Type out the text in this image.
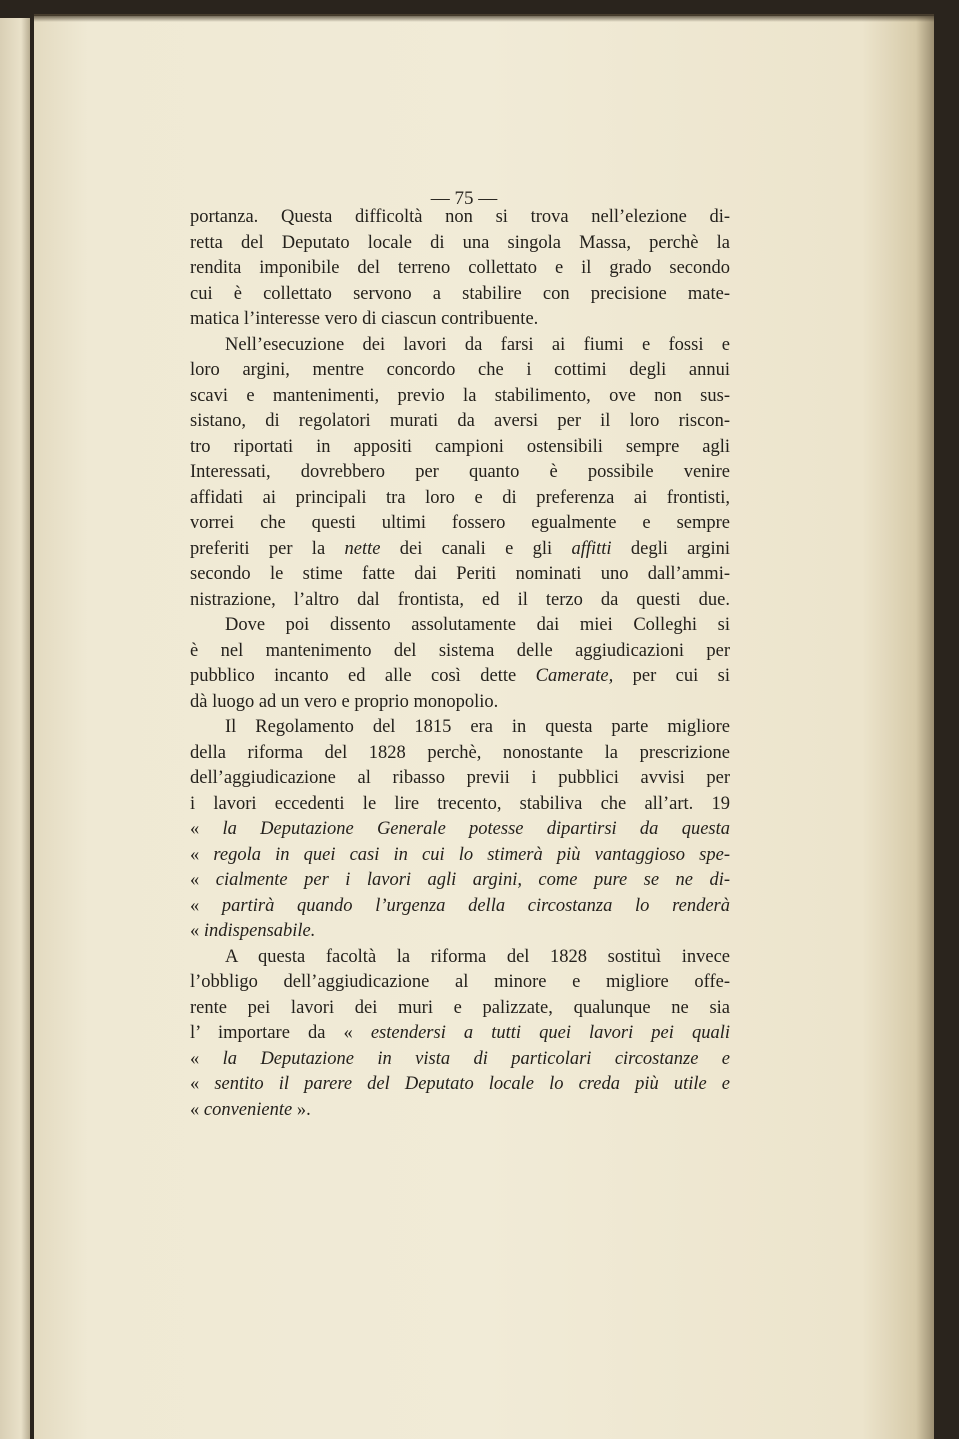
— 75 —
portanza. Questa difficoltà non si trova nell’elezione di-
retta del Deputato locale di una singola Massa, perchè la
rendita imponibile del terreno collettato e il grado secondo
cui è collettato servono a stabilire con precisione mate-
matica l’interesse vero di ciascun contribuente.
Nell’esecuzione dei lavori da farsi ai fiumi e fossi e
loro argini, mentre concordo che i cottimi degli annui
scavi e mantenimenti, previo la stabilimento, ove non sus-
sistano, di regolatori murati da aversi per il loro riscon-
tro riportati in appositi campioni ostensibili sempre agli
Interessati, dovrebbero per quanto è possibile venire
affidati ai principali tra loro e di preferenza ai frontisti,
vorrei che questi ultimi fossero egualmente e sempre
preferiti per la nette dei canali e gli affitti degli argini
secondo le stime fatte dai Periti nominati uno dall’ammi-
nistrazione, l’altro dal frontista, ed il terzo da questi due.
Dove poi dissento assolutamente dai miei Colleghi si
è nel mantenimento del sistema delle aggiudicazioni per
pubblico incanto ed alle così dette Camerate, per cui si
dà luogo ad un vero e proprio monopolio.
Il Regolamento del 1815 era in questa parte migliore
della riforma del 1828 perchè, nonostante la prescrizione
dell’aggiudicazione al ribasso previi i pubblici avvisi per
i lavori eccedenti le lire trecento, stabiliva che all’art. 19
« la Deputazione Generale potesse dipartirsi da questa
« regola in quei casi in cui lo stimerà più vantaggioso spe-
« cialmente per i lavori agli argini, come pure se ne di-
« partirà quando l’urgenza della circostanza lo renderà
« indispensabile.
A questa facoltà la riforma del 1828 sostituì invece
l’obbligo dell’aggiudicazione al minore e migliore offe-
rente pei lavori dei muri e palizzate, qualunque ne sia
l’ importare da « estendersi a tutti quei lavori pei quali
« la Deputazione in vista di particolari circostanze e
« sentito il parere del Deputato locale lo creda più utile e
« conveniente ».
